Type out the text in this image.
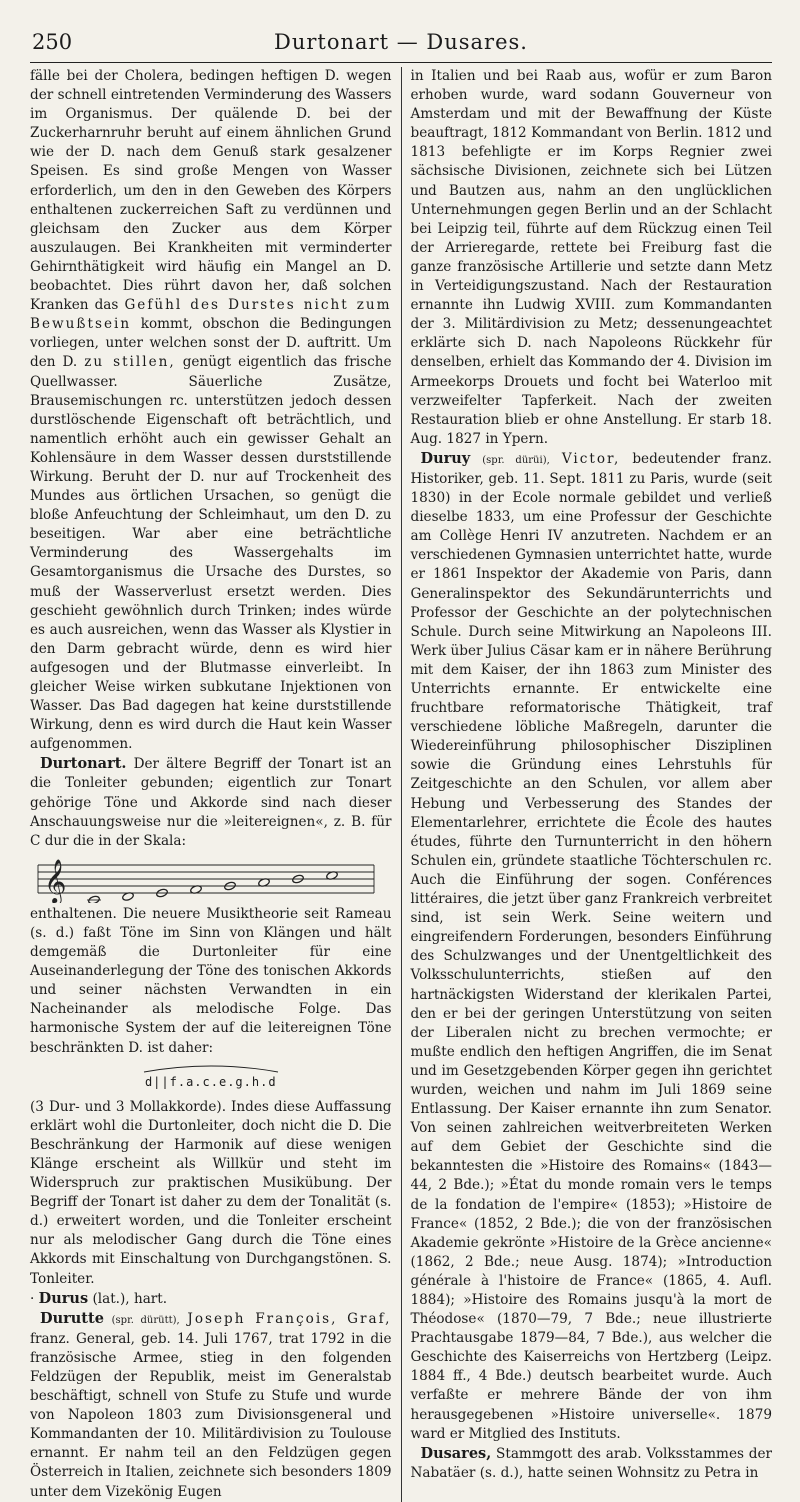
250	Durtonart — Dusares.

fälle bei der Cholera, bedingen heftigen D. wegen der schnell eintretenden Verminderung des Wassers im Organismus. Der quälende D. bei der Zuckerharnruhr beruht auf einem ähnlichen Grund wie der D. nach dem Genuß stark gesalzener Speisen. Es sind große Mengen von Wasser erforderlich, um den in den Geweben des Körpers enthaltenen zuckerreichen Saft zu verdünnen und gleichsam den Zucker aus dem Körper auszulaugen. Bei Krankheiten mit verminderter Gehirnthätigkeit wird häufig ein Mangel an D. beobachtet. Dies rührt davon her, daß solchen Kranken das Gefühl des Durstes nicht zum Bewußtsein kommt, obschon die Bedingungen vorliegen, unter welchen sonst der D. auftritt. Um den D. zu stillen, genügt eigentlich das frische Quellwasser. Säuerliche Zusätze, Brausemischungen rc. unterstützen jedoch dessen durstlöschende Eigenschaft oft beträchtlich, und namentlich erhöht auch ein gewisser Gehalt an Kohlensäure in dem Wasser dessen durststillende Wirkung. Beruht der D. nur auf Trockenheit des Mundes aus örtlichen Ursachen, so genügt die bloße Anfeuchtung der Schleimhaut, um den D. zu beseitigen. War aber eine beträchtliche Verminderung des Wassergehalts im Gesamtorganismus die Ursache des Durstes, so muß der Wasserverlust ersetzt werden. Dies geschieht gewöhnlich durch Trinken; indes würde es auch ausreichen, wenn das Wasser als Klystier in den Darm gebracht würde, denn es wird hier aufgesogen und der Blutmasse einverleibt. In gleicher Weise wirken subkutane Injektionen von Wasser. Das Bad dagegen hat keine durststillende Wirkung, denn es wird durch die Haut kein Wasser aufgenommen.

Durtonart. Der ältere Begriff der Tonart ist an die Tonleiter gebunden; eigentlich zur Tonart gehörige Töne und Akkorde sind nach dieser Anschauungsweise nur die »leitereignen«, z. B. für C dur die in der Skala:

𝄞

enthaltenen. Die neuere Musiktheorie seit Rameau (s. d.) faßt Töne im Sinn von Klängen und hält demgemäß die Durtonleiter für eine Auseinanderlegung der Töne des tonischen Akkords und seiner nächsten Verwandten in ein Nacheinander als melodische Folge. Das harmonische System der auf die leitereignen Töne beschränkten D. ist daher:

d||f.a.c.e.g.h.d

(3 Dur- und 3 Mollakkorde). Indes diese Auffassung erklärt wohl die Durtonleiter, doch nicht die D. Die Beschränkung der Harmonik auf diese wenigen Klänge erscheint als Willkür und steht im Widerspruch zur praktischen Musikübung. Der Begriff der Tonart ist daher zu dem der Tonalität (s. d.) erweitert worden, und die Tonleiter erscheint nur als melodischer Gang durch die Töne eines Akkords mit Einschaltung von Durchgangstönen. S. Tonleiter.

· Durus (lat.), hart.

Durutte (spr. dürütt), Joseph François, Graf, franz. General, geb. 14. Juli 1767, trat 1792 in die französische Armee, stieg in den folgenden Feldzügen der Republik, meist im Generalstab beschäftigt, schnell von Stufe zu Stufe und wurde von Napoleon 1803 zum Divisionsgeneral und Kommandanten der 10. Militärdivision zu Toulouse ernannt. Er nahm teil an den Feldzügen gegen Österreich in Italien, zeichnete sich besonders 1809 unter dem Vizekönig Eugen

in Italien und bei Raab aus, wofür er zum Baron erhoben wurde, ward sodann Gouverneur von Amsterdam und mit der Bewaffnung der Küste beauftragt, 1812 Kommandant von Berlin. 1812 und 1813 befehligte er im Korps Regnier zwei sächsische Divisionen, zeichnete sich bei Lützen und Bautzen aus, nahm an den unglücklichen Unternehmungen gegen Berlin und an der Schlacht bei Leipzig teil, führte auf dem Rückzug einen Teil der Arrieregarde, rettete bei Freiburg fast die ganze französische Artillerie und setzte dann Metz in Verteidigungszustand. Nach der Restauration ernannte ihn Ludwig XVIII. zum Kommandanten der 3. Militärdivision zu Metz; dessenungeachtet erklärte sich D. nach Napoleons Rückkehr für denselben, erhielt das Kommando der 4. Division im Armeekorps Drouets und focht bei Waterloo mit verzweifelter Tapferkeit. Nach der zweiten Restauration blieb er ohne Anstellung. Er starb 18. Aug. 1827 in Ypern.

Duruy (spr. dürüi), Victor, bedeutender franz. Historiker, geb. 11. Sept. 1811 zu Paris, wurde (seit 1830) in der Ecole normale gebildet und verließ dieselbe 1833, um eine Professur der Geschichte am Collège Henri IV anzutreten. Nachdem er an verschiedenen Gymnasien unterrichtet hatte, wurde er 1861 Inspektor der Akademie von Paris, dann Generalinspektor des Sekundärunterrichts und Professor der Geschichte an der polytechnischen Schule. Durch seine Mitwirkung an Napoleons III. Werk über Julius Cäsar kam er in nähere Berührung mit dem Kaiser, der ihn 1863 zum Minister des Unterrichts ernannte. Er entwickelte eine fruchtbare reformatorische Thätigkeit, traf verschiedene löbliche Maßregeln, darunter die Wiedereinführung philosophischer Disziplinen sowie die Gründung eines Lehrstuhls für Zeitgeschichte an den Schulen, vor allem aber Hebung und Verbesserung des Standes der Elementarlehrer, errichtete die École des hautes études, führte den Turnunterricht in den höhern Schulen ein, gründete staatliche Töchterschulen rc. Auch die Einführung der sogen. Conférences littéraires, die jetzt über ganz Frankreich verbreitet sind, ist sein Werk. Seine weitern und eingreifendern Forderungen, besonders Einführung des Schulzwanges und der Unentgeltlichkeit des Volksschulunterrichts, stießen auf den hartnäckigsten Widerstand der klerikalen Partei, den er bei der geringen Unterstützung von seiten der Liberalen nicht zu brechen vermochte; er mußte endlich den heftigen Angriffen, die im Senat und im Gesetzgebenden Körper gegen ihn gerichtet wurden, weichen und nahm im Juli 1869 seine Entlassung. Der Kaiser ernannte ihn zum Senator. Von seinen zahlreichen weitverbreiteten Werken auf dem Gebiet der Geschichte sind die bekanntesten die »Histoire des Romains« (1843—44, 2 Bde.); »État du monde romain vers le temps de la fondation de l'empire« (1853); »Histoire de France« (1852, 2 Bde.); die von der französischen Akademie gekrönte »Histoire de la Grèce ancienne« (1862, 2 Bde.; neue Ausg. 1874); »Introduction générale à l'histoire de France« (1865, 4. Aufl. 1884); »Histoire des Romains jusqu'à la mort de Théodose« (1870—79, 7 Bde.; neue illustrierte Prachtausgabe 1879—84, 7 Bde.), aus welcher die Geschichte des Kaiserreichs von Hertzberg (Leipz. 1884 ff., 4 Bde.) deutsch bearbeitet wurde. Auch verfaßte er mehrere Bände der von ihm herausgegebenen »Histoire universelle«. 1879 ward er Mitglied des Instituts.

Dusares, Stammgott des arab. Volksstammes der Nabatäer (s. d.), hatte seinen Wohnsitz zu Petra in
